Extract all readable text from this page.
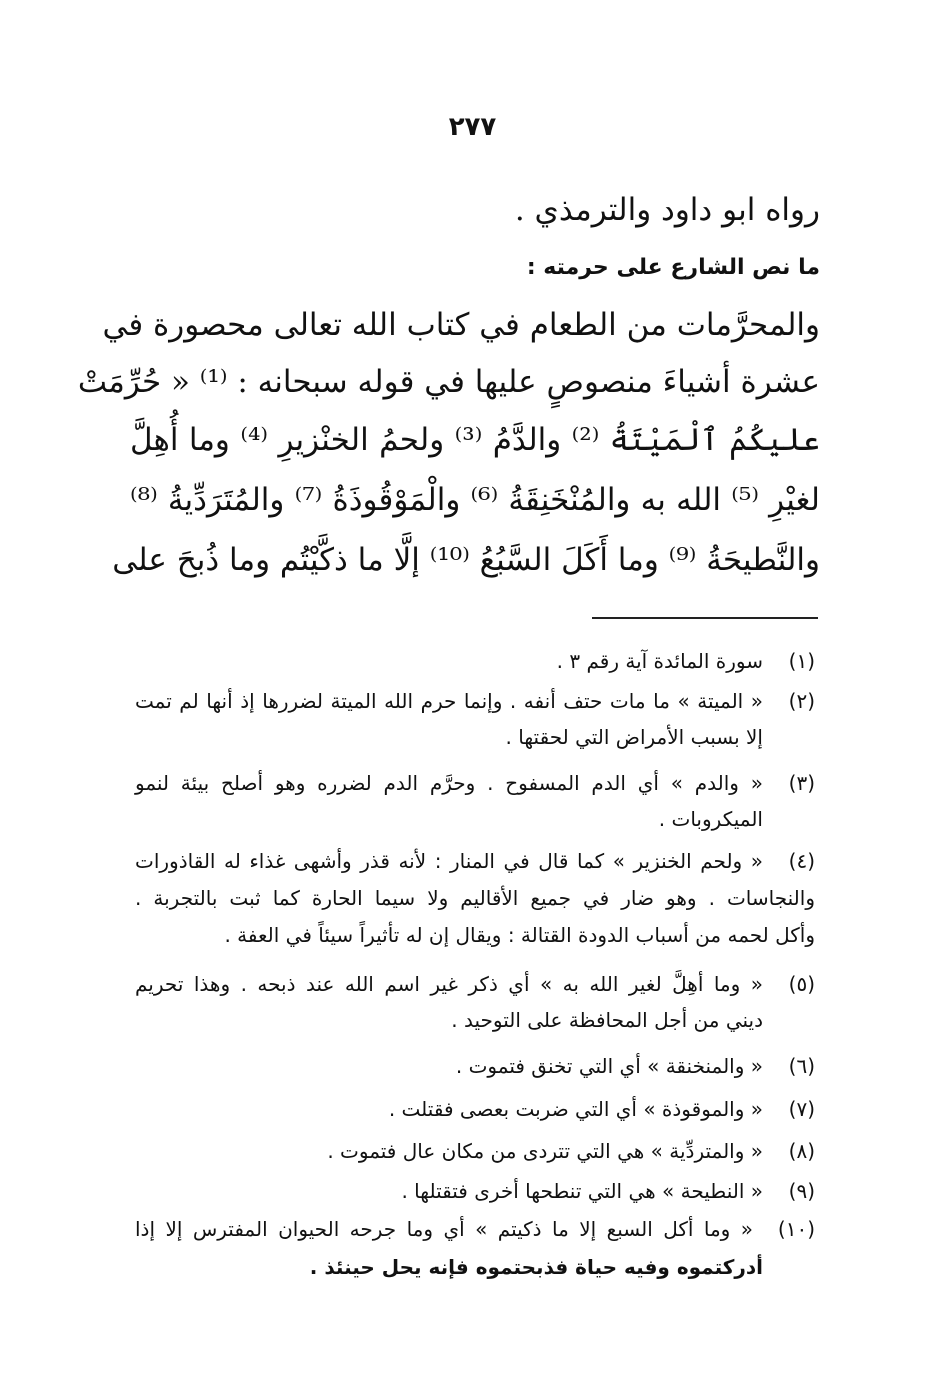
٢٧٧
رواه ابو داود والترمذي .
ما نص الشارع على حرمته :
والمحرَّمات من الطعام في كتاب الله تعالى محصورة في
عشرة أشياءَ منصوصٍ عليها في قوله سبحانه : ⁽¹⁾ « حُرِّمَتْ
عليكُمُ ٱلْمَيْتَةُ ⁽²⁾ والدَّمُ ⁽³⁾ ولحمُ الخنْزيرِ ⁽⁴⁾ وما أُهِلَّ
لغيْرِ ⁽⁵⁾ الله به والمُنْخَنِقَةُ ⁽⁶⁾ والْمَوْقُوذَةُ ⁽⁷⁾ والمُتَرَدِّيةُ ⁽⁸⁾
والنَّطيحَةُ ⁽⁹⁾ وما أَكَلَ السَّبُعُ ⁽¹⁰⁾ إلَّا ما ذكَّيْتُم وما ذُبحَ على
(١)
سورة المائدة آية رقم ٣ .
(٢)
« الميتة » ما مات حتف أنفه . وإنما حرم الله الميتة لضررها إذ أنها لم تمت
إلا بسبب الأمراض التي لحقتها .
(٣)
« والدم » أي الدم المسفوح . وحرَّم الدم لضرره وهو أصلح بيئة لنمو
الميكروبات .
(٤)
« ولحم الخنزير » كما قال في المنار : لأنه قذر وأشهى غذاء له القاذورات
والنجاسات . وهو ضار في جميع الأقاليم ولا سيما الحارة كما ثبت بالتجربة .
وأكل لحمه من أسباب الدودة القتالة : ويقال إن له تأثيراً سيئاً في العفة .
(٥)
« وما أهِلَّ لغير الله به » أي ذكر غير اسم الله عند ذبحه . وهذا تحريم
ديني من أجل المحافظة على التوحيد .
(٦)
« والمنخنقة » أي التي تخنق فتموت .
(٧)
« والموقوذة » أي التي ضربت بعصى فقتلت .
(٨)
« والمتردِّية » هي التي تتردى من مكان عال فتموت .
(٩)
« النطيحة » هي التي تنطحها أخرى فتقتلها .
(١٠)
« وما أكل السبع إلا ما ذكيتم » أي وما جرحه الحيوان المفترس إلا إذا
أدركتموه وفيه حياة فذبحتموه فإنه يحل حينئذ .
